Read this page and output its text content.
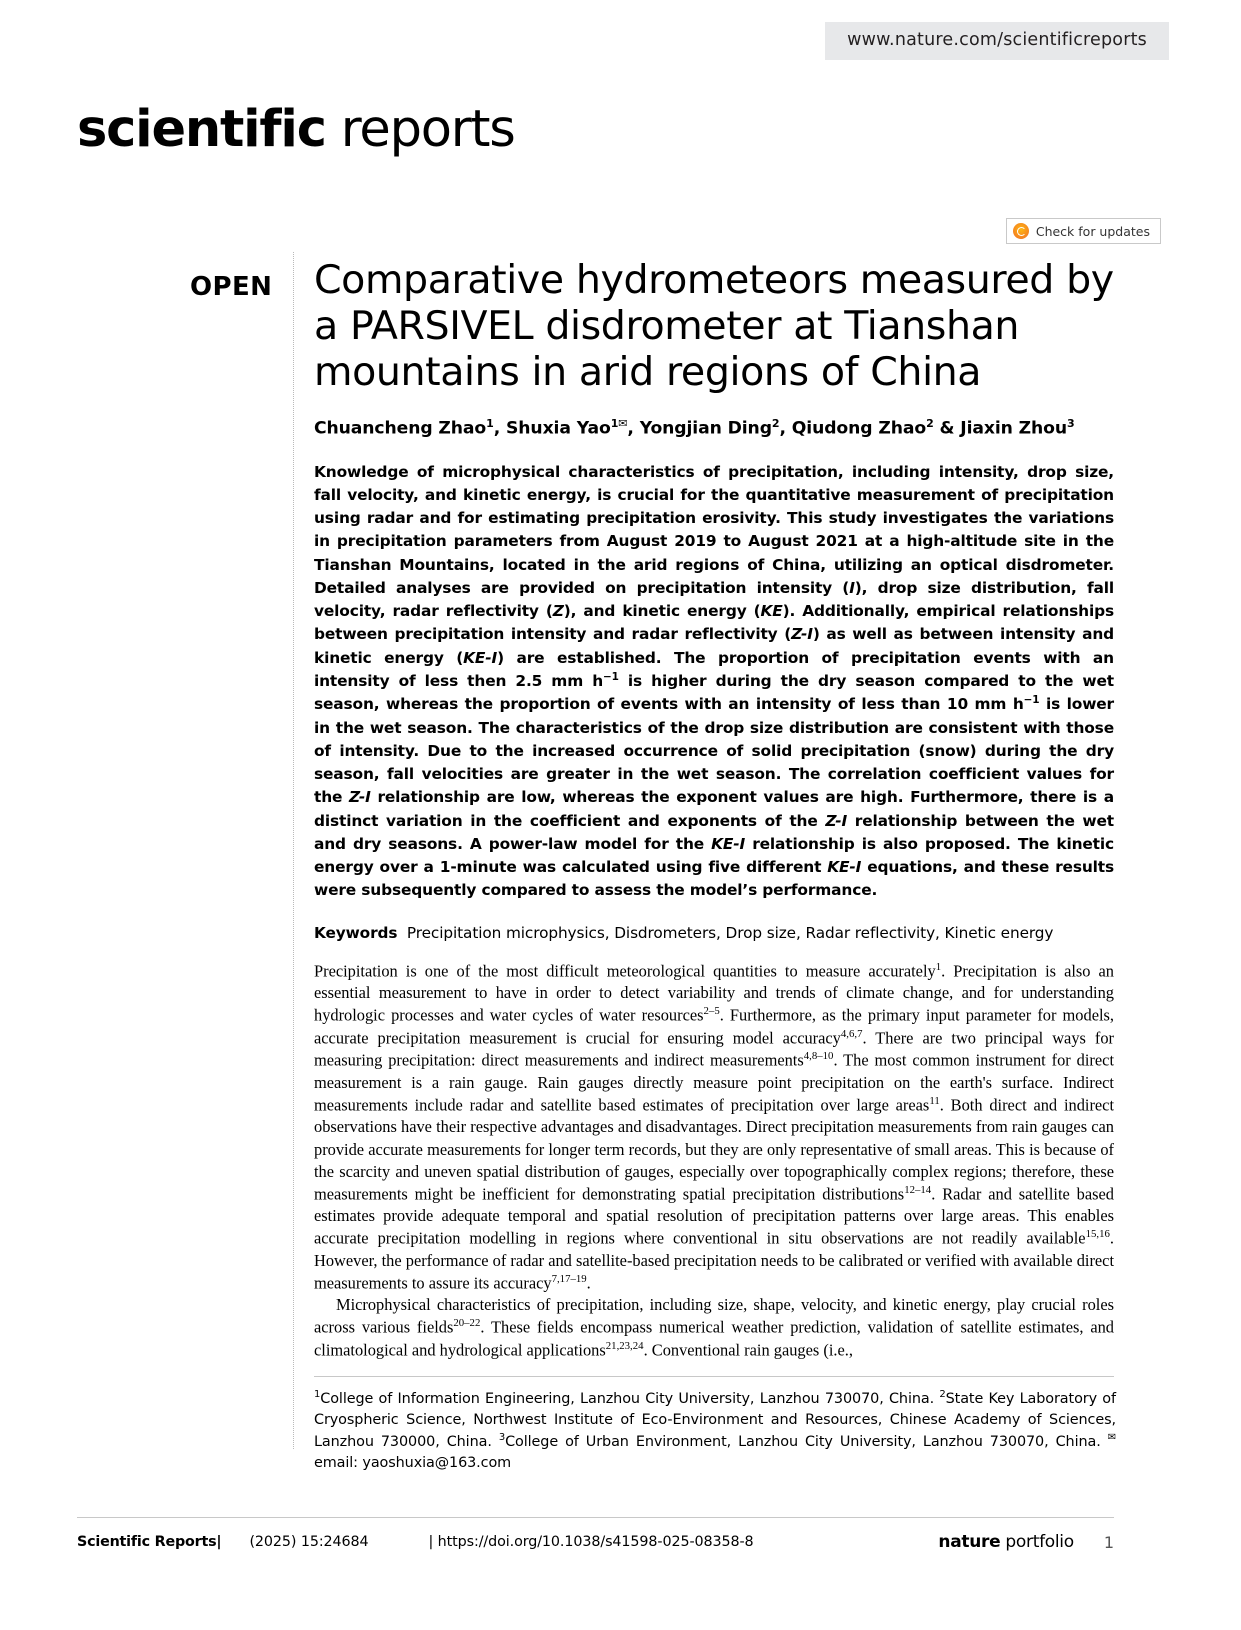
www.nature.com/scientificreports
scientific reports
Check for updates
OPEN Comparative hydrometeors measured by a PARSIVEL disdrometer at Tianshan mountains in arid regions of China
Chuancheng Zhao$^1$, Shuxia Yao$^{1✉}$, Yongjian Ding$^2$, Qiudong Zhao$^2$ & Jiaxin Zhou$^3$
Knowledge of microphysical characteristics of precipitation, including intensity, drop size, fall velocity, and kinetic energy, is crucial for the quantitative measurement of precipitation using radar and for estimating precipitation erosivity. This study investigates the variations in precipitation parameters from August 2019 to August 2021 at a high-altitude site in the Tianshan Mountains, located in the arid regions of China, utilizing an optical disdrometer. Detailed analyses are provided on precipitation intensity (I), drop size distribution, fall velocity, radar reflectivity (Z), and kinetic energy (KE). Additionally, empirical relationships between precipitation intensity and radar reflectivity (Z-I) as well as between intensity and kinetic energy (KE-I) are established. The proportion of precipitation events with an intensity of less then 2.5 mm $h^{-1}$ is higher during the dry season compared to the wet season, whereas the proportion of events with an intensity of less than 10 mm $h^{-1}$ is lower in the wet season. The characteristics of the drop size distribution are consistent with those of intensity. Due to the increased occurrence of solid precipitation (snow) during the dry season, fall velocities are greater in the wet season. The correlation coefficient values for the Z-I relationship are low, whereas the exponent values are high. Furthermore, there is a distinct variation in the coefficient and exponents of the Z-I relationship between the wet and dry seasons. A power-law model for the KE-I relationship is also proposed. The kinetic energy over a 1-minute was calculated using five different KE-I equations, and these results were subsequently compared to assess the model’s performance.
Keywords Precipitation microphysics, Disdrometers, Drop size, Radar reflectivity, Kinetic energy

Precipitation is one of the most difficult meteorological quantities to measure accurately$^1$. Precipitation is also an essential measurement to have in order to detect variability and trends of climate change, and for understanding hydrologic processes and water cycles of water resources$^{2-5}$. Furthermore, as the primary input parameter for models, accurate precipitation measurement is crucial for ensuring model accuracy$^{4,6,7}$. There are two principal ways for measuring precipitation: direct measurements and indirect measurements$^{4,8-10}$. The most common instrument for direct measurement is a rain gauge. Rain gauges directly measure point precipitation on the earth's surface. Indirect measurements include radar and satellite based estimates of precipitation over large areas$^{11}$. Both direct and indirect observations have their respective advantages and disadvantages. Direct precipitation measurements from rain gauges can provide accurate measurements for longer term records, but they are only representative of small areas. This is because of the scarcity and uneven spatial distribution of gauges, especially over topographically complex regions; therefore, these measurements might be inefficient for demonstrating spatial precipitation distributions$^{12-14}$. Radar and satellite based estimates provide adequate temporal and spatial resolution of precipitation patterns over large areas. This enables accurate precipitation modelling in regions where conventional in situ observations are not readily available$^{15,16}$. However, the performance of radar and satellite-based precipitation needs to be calibrated or verified with available direct measurements to assure its accuracy$^{7,17-19}$.

Microphysical characteristics of precipitation, including size, shape, velocity, and kinetic energy, play crucial roles across various fields$^{20-22}$. These fields encompass numerical weather prediction, validation of satellite estimates, and climatological and hydrological applications$^{21,23,24}$. Conventional rain gauges (i.e.,

$^1$College of Information Engineering, Lanzhou City University, Lanzhou 730070, China. $^2$State Key Laboratory of Cryospheric Science, Northwest Institute of Eco-Environment and Resources, Chinese Academy of Sciences, Lanzhou 730000, China. $^3$College of Urban Environment, Lanzhou City University, Lanzhou 730070, China. ✉email: yaoshuxia@163.com
Scientific Reports| (2025) 15:24684	| https://doi.org/10.1038/s41598-025-08358-8	nature portfolio 1
